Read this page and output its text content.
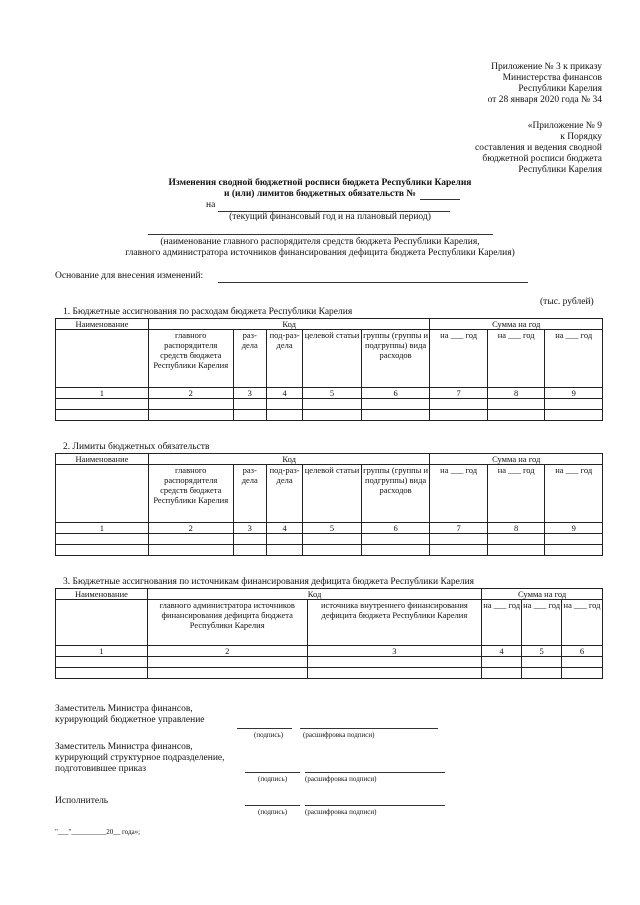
Приложение № 3 к приказу
Министерства финансов
Республики Карелия
от 28 января 2020 года № 34
«Приложение № 9
к Порядку
составления и ведения сводной
бюджетной росписи бюджета
Республики Карелия
Изменения сводной бюджетной росписи бюджета Республики Карелия
и (или) лимитов бюджетных обязательств №
на
(текущий финансовый год и на плановый период)
(наименование главного распорядителя средств бюджета Республики Карелия,
главного администратора источников финансирования дефицита бюджета Республики Карелия)
Основание для внесения изменений:
(тыс. рублей)
1. Бюджетные ассигнования по расходам бюджета Республики Карелия
Наименование	Код					Сумма на год		
	главного распорядителя средств бюджета Республики Карелия	раз-дела	под-раз-дела	целевой статьи	группы (группы и подгруппы) вида расходов	на ___ год	на ___ год	на ___ год
1	2	3	4	5	6	7	8	9

2. Лимиты бюджетных обязательств
Наименование	Код					Сумма на год		
	главного распорядителя средств бюджета Республики Карелия	раз-дела	под-раз-дела	целевой статьи	группы (группы и подгруппы) вида расходов	на ___ год	на ___ год	на ___ год
1	2	3	4	5	6	7	8	9

3. Бюджетные ассигнования по источникам финансирования дефицита бюджета Республики Карелия
Наименование	Код		Сумма на год		
	главного администратора источников финансирования дефицита бюджета Республики Карелия	источника внутреннего финансирования дефицита бюджета Республики Карелия	на ___ год	на ___ год	на ___ год
1	2	3	4	5	6

Заместитель Министра финансов,
курирующий бюджетное управление
(подпись)	(расшифровка подписи)
Заместитель Министра финансов,
курирующий структурное подразделение,
подготовившее приказ
(подпись)	(расшифровка подписи)
Исполнитель
(подпись)	(расшифровка подписи)
"___"__________20__ года»;
